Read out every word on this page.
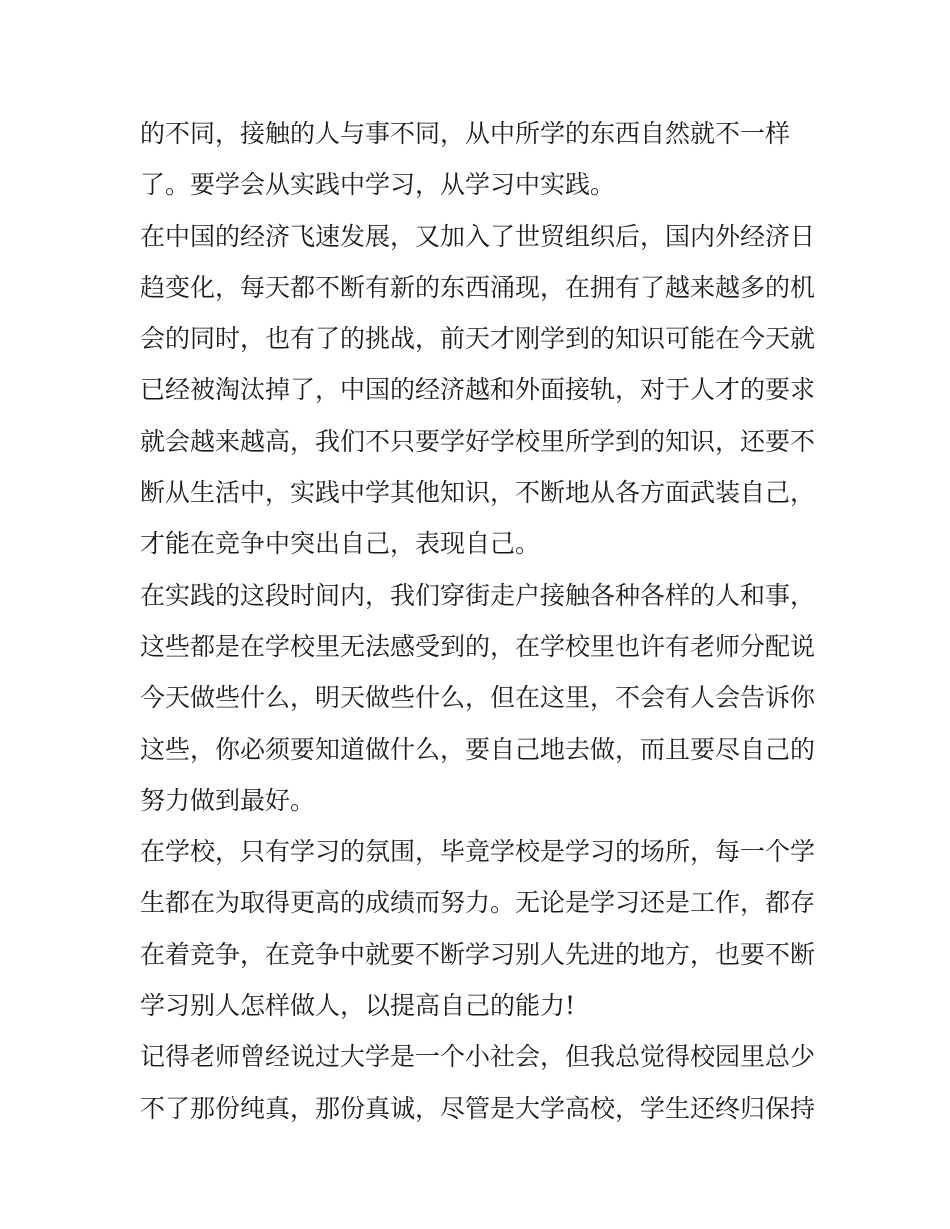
的不同，接触的人与事不同，从中所学的东西自然就不一样
了。要学会从实践中学习，从学习中实践。
在中国的经济飞速发展，又加入了世贸组织后，国内外经济日
趋变化，每天都不断有新的东西涌现，在拥有了越来越多的机
会的同时，也有了的挑战，前天才刚学到的知识可能在今天就
已经被淘汰掉了，中国的经济越和外面接轨，对于人才的要求
就会越来越高，我们不只要学好学校里所学到的知识，还要不
断从生活中，实践中学其他知识，不断地从各方面武装自己，
才能在竞争中突出自己，表现自己。
在实践的这段时间内，我们穿街走户接触各种各样的人和事，
这些都是在学校里无法感受到的，在学校里也许有老师分配说
今天做些什么，明天做些什么，但在这里，不会有人会告诉你
这些，你必须要知道做什么，要自己地去做，而且要尽自己的
努力做到最好。
在学校，只有学习的氛围，毕竟学校是学习的场所，每一个学
生都在为取得更高的成绩而努力。无论是学习还是工作，都存
在着竞争，在竞争中就要不断学习别人先进的地方，也要不断
学习别人怎样做人，以提高自己的能力!
记得老师曾经说过大学是一个小社会，但我总觉得校园里总少
不了那份纯真，那份真诚，尽管是大学高校，学生还终归保持
